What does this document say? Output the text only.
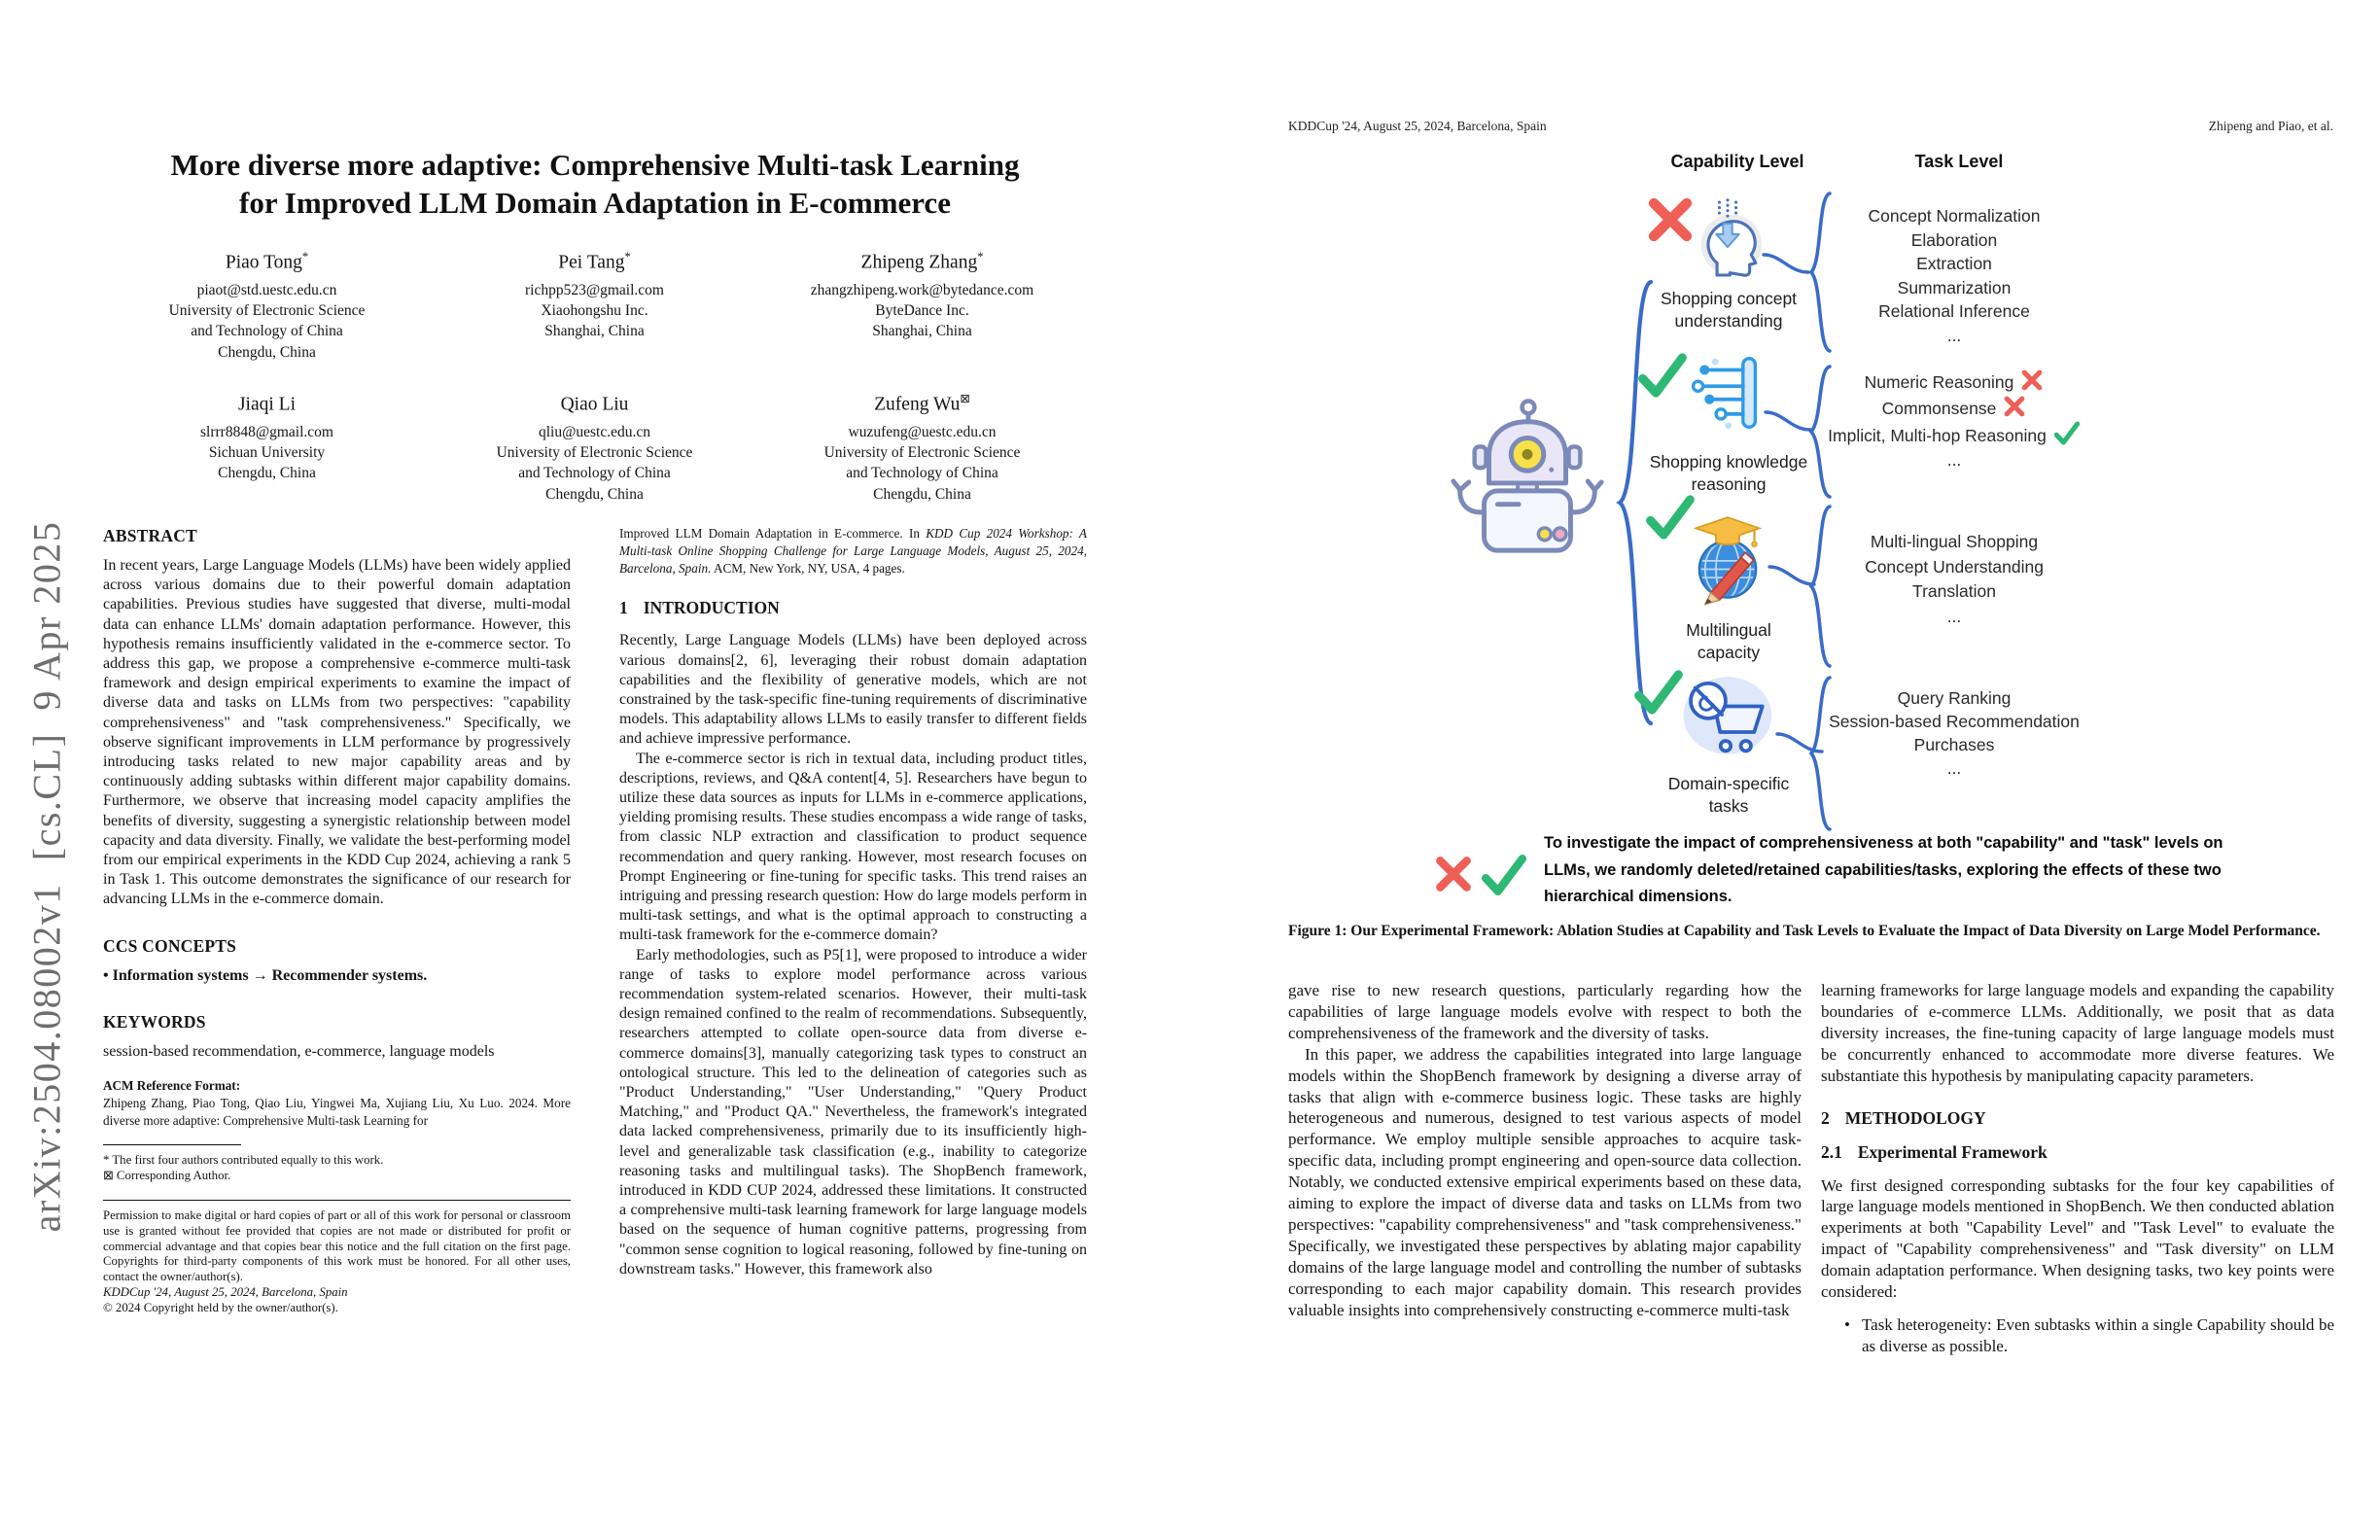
arXiv:2504.08002v1  [cs.CL]  9 Apr 2025
More diverse more adaptive: Comprehensive Multi-task Learning
for Improved LLM Domain Adaptation in E-commerce
Piao Tong*
piaot@std.uestc.edu.cn
University of Electronic Science
and Technology of China
Chengdu, China
Pei Tang*
richpp523@gmail.com
Xiaohongshu Inc.
Shanghai, China
Zhipeng Zhang*
zhangzhipeng.work@bytedance.com
ByteDance Inc.
Shanghai, China
Jiaqi Li
slrrr8848@gmail.com
Sichuan University
Chengdu, China
Qiao Liu
qliu@uestc.edu.cn
University of Electronic Science
and Technology of China
Chengdu, China
Zufeng Wu⊠
wuzufeng@uestc.edu.cn
University of Electronic Science
and Technology of China
Chengdu, China
ABSTRACT

In recent years, Large Language Models (LLMs) have been widely applied across various domains due to their powerful domain adaptation capabilities. Previous studies have suggested that diverse, multi-modal data can enhance LLMs' domain adaptation performance. However, this hypothesis remains insufficiently validated in the e-commerce sector. To address this gap, we propose a comprehensive e-commerce multi-task framework and design empirical experiments to examine the impact of diverse data and tasks on LLMs from two perspectives: "capability comprehensiveness" and "task comprehensiveness." Specifically, we observe significant improvements in LLM performance by progressively introducing tasks related to new major capability areas and by continuously adding subtasks within different major capability domains. Furthermore, we observe that increasing model capacity amplifies the benefits of diversity, suggesting a synergistic relationship between model capacity and data diversity. Finally, we validate the best-performing model from our empirical experiments in the KDD Cup 2024, achieving a rank 5 in Task 1. This outcome demonstrates the significance of our research for advancing LLMs in the e-commerce domain.

CCS CONCEPTS

• Information systems → Recommender systems.

KEYWORDS

session-based recommendation, e-commerce, language models

ACM Reference Format:

Zhipeng Zhang, Piao Tong, Qiao Liu, Yingwei Ma, Xujiang Liu, Xu Luo. 2024. More diverse more adaptive: Comprehensive Multi-task Learning for

* The first four authors contributed equally to this work.

⊠ Corresponding Author.

Permission to make digital or hard copies of part or all of this work for personal or classroom use is granted without fee provided that copies are not made or distributed for profit or commercial advantage and that copies bear this notice and the full citation on the first page. Copyrights for third-party components of this work must be honored. For all other uses, contact the owner/author(s).

KDDCup '24, August 25, 2024, Barcelona, Spain

© 2024 Copyright held by the owner/author(s).

Improved LLM Domain Adaptation in E-commerce. In KDD Cup 2024 Workshop: A Multi-task Online Shopping Challenge for Large Language Models, August 25, 2024, Barcelona, Spain. ACM, New York, NY, USA, 4 pages.

1 INTRODUCTION

Recently, Large Language Models (LLMs) have been deployed across various domains[2, 6], leveraging their robust domain adaptation capabilities and the flexibility of generative models, which are not constrained by the task-specific fine-tuning requirements of discriminative models. This adaptability allows LLMs to easily transfer to different fields and achieve impressive performance.

The e-commerce sector is rich in textual data, including product titles, descriptions, reviews, and Q&A content[4, 5]. Researchers have begun to utilize these data sources as inputs for LLMs in e-commerce applications, yielding promising results. These studies encompass a wide range of tasks, from classic NLP extraction and classification to product sequence recommendation and query ranking. However, most research focuses on Prompt Engineering or fine-tuning for specific tasks. This trend raises an intriguing and pressing research question: How do large models perform in multi-task settings, and what is the optimal approach to constructing a multi-task framework for the e-commerce domain?

Early methodologies, such as P5[1], were proposed to introduce a wider range of tasks to explore model performance across various recommendation system-related scenarios. However, their multi-task design remained confined to the realm of recommendations. Subsequently, researchers attempted to collate open-source data from diverse e-commerce domains[3], manually categorizing task types to construct an ontological structure. This led to the delineation of categories such as "Product Understanding," "User Understanding," "Query Product Matching," and "Product QA." Nevertheless, the framework's integrated data lacked comprehensiveness, primarily due to its insufficiently high-level and generalizable task classification (e.g., inability to categorize reasoning tasks and multilingual tasks). The ShopBench framework, introduced in KDD CUP 2024, addressed these limitations. It constructed a comprehensive multi-task learning framework for large language models based on the sequence of human cognitive patterns, progressing from "common sense cognition to logical reasoning, followed by fine-tuning on downstream tasks." However, this framework also

KDDCup '24, August 25, 2024, Barcelona, Spain	Zhipeng and Piao, et al.
Capability Level	Task Level
Shopping concept
understanding
Shopping knowledge
reasoning
Multilingual
capacity
Domain-specific
tasks
Concept Normalization
Elaboration
Extraction
Summarization
Relational Inference
...
Numeric Reasoning
Commonsense
Implicit, Multi-hop Reasoning
...
Multi-lingual Shopping
Concept Understanding
Translation
...
Query Ranking
Session-based Recommendation
Purchases
...

To investigate the impact of comprehensiveness at both "capability" and "task" levels on LLMs, we randomly deleted/retained capabilities/tasks, exploring the effects of these two hierarchical dimensions.

Figure 1: Our Experimental Framework: Ablation Studies at Capability and Task Levels to Evaluate the Impact of Data Diversity on Large Model Performance.

gave rise to new research questions, particularly regarding how the capabilities of large language models evolve with respect to both the comprehensiveness of the framework and the diversity of tasks.

In this paper, we address the capabilities integrated into large language models within the ShopBench framework by designing a diverse array of tasks that align with e-commerce business logic. These tasks are highly heterogeneous and numerous, designed to test various aspects of model performance. We employ multiple sensible approaches to acquire task-specific data, including prompt engineering and open-source data collection. Notably, we conducted extensive empirical experiments based on these data, aiming to explore the impact of diverse data and tasks on LLMs from two perspectives: "capability comprehensiveness" and "task comprehensiveness." Specifically, we investigated these perspectives by ablating major capability domains of the large language model and controlling the number of subtasks corresponding to each major capability domain. This research provides valuable insights into comprehensively constructing e-commerce multi-task

learning frameworks for large language models and expanding the capability boundaries of e-commerce LLMs. Additionally, we posit that as data diversity increases, the fine-tuning capacity of large language models must be concurrently enhanced to accommodate more diverse features. We substantiate this hypothesis by manipulating capacity parameters.

2 METHODOLOGY
2.1 Experimental Framework

We first designed corresponding subtasks for the four key capabilities of large language models mentioned in ShopBench. We then conducted ablation experiments at both "Capability Level" and "Task Level" to evaluate the impact of "Capability comprehensiveness" and "Task diversity" on LLM domain adaptation performance. When designing tasks, two key points were considered:

• Task heterogeneity: Even subtasks within a single Capability should be as diverse as possible.
